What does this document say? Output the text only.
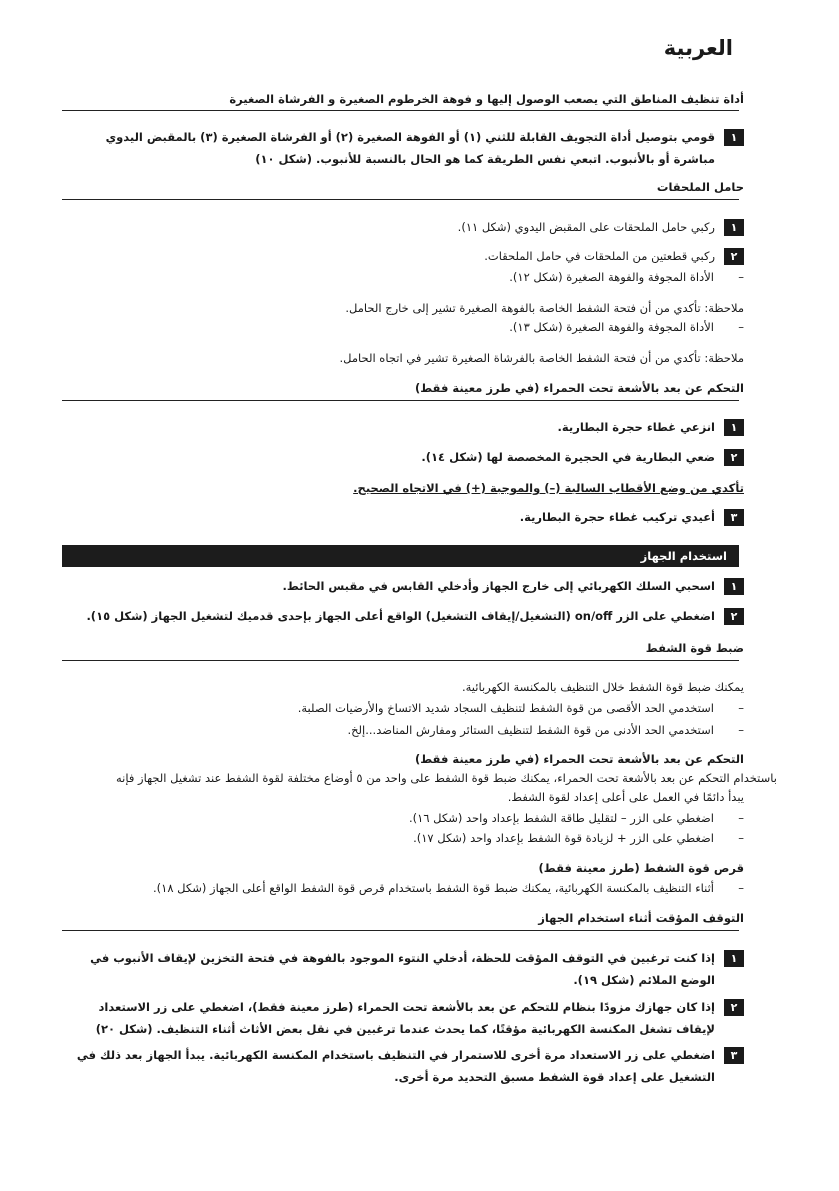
العربية
أداة تنظيف المناطق التي يصعب الوصول إليها و فوهة الخرطوم الصغيرة و الفرشاة الصغيرة
١
قومي بتوصيل أداة التجويف القابلة للثني (١) أو الفوهة الصغيرة (٢) أو الفرشاة الصغيرة (٣) بالمقبض اليدوي مباشرة أو بالأنبوب. اتبعي نفس الطريقة كما هو الحال بالنسبة للأنبوب. (شكل ١٠)
حامل الملحقات
١
ركبي حامل الملحقات على المقبض اليدوي (شكل ١١).
٢
ركبي قطعتين من الملحقات في حامل الملحقات.
–الأداة المجوفة والفوهة الصغيرة (شكل ١٢).
ملاحظة: تأكدي من أن فتحة الشفط الخاصة بالفوهة الصغيرة تشير إلى خارج الحامل.
–الأداة المجوفة والفوهة الصغيرة (شكل ١٣).
ملاحظة: تأكدي من أن فتحة الشفط الخاصة بالفرشاة الصغيرة تشير في اتجاه الحامل.
التحكم عن بعد بالأشعة تحت الحمراء (في طرز معينة فقط)
١
انزعي غطاء حجرة البطارية.
٢
ضعي البطارية في الحجيرة المخصصة لها (شكل ١٤).
تأكدي من وضع الأقطاب السالبة (–) والموجبة (+) في الاتجاه الصحيح.
٣
أعيدي تركيب غطاء حجرة البطارية.
استخدام الجهاز
١
اسحبي السلك الكهربائي إلى خارج الجهاز وأدخلي القابس في مقبس الحائط.
٢
اضغطي على الزر on/off (التشغيل/إيقاف التشغيل) الواقع أعلى الجهاز بإحدى قدميك لتشغيل الجهاز (شكل ١٥).
ضبط قوة الشفط
يمكنك ضبط قوة الشفط خلال التنظيف بالمكنسة الكهربائية.
–استخدمي الحد الأقصى من قوة الشفط لتنظيف السجاد شديد الاتساخ والأرضيات الصلبة.
–استخدمي الحد الأدنى من قوة الشفط لتنظيف الستائر ومفارش المناضد...إلخ.
التحكم عن بعد بالأشعة تحت الحمراء (في طرز معينة فقط)
باستخدام التحكم عن بعد بالأشعة تحت الحمراء، يمكنك ضبط قوة الشفط على واحد من ٥ أوضاع مختلفة لقوة الشفط عند تشغيل الجهاز فإنه
يبدأ دائمًا في العمل على أعلى إعداد لقوة الشفط.
–اضغطي على الزر – لتقليل طاقة الشفط بإعداد واحد (شكل ١٦).
–اضغطي على الزر + لزيادة قوة الشفط بإعداد واحد (شكل ١٧).
قرص قوة الشفط (طرز معينة فقط)
–أثناء التنظيف بالمكنسة الكهربائية، يمكنك ضبط قوة الشفط باستخدام قرص قوة الشفط الواقع أعلى الجهاز (شكل ١٨).
التوقف المؤقت أثناء استخدام الجهاز
١
إذا كنت ترغبين في التوقف المؤقت للحظة، أدخلي النتوء الموجود بالفوهة في فتحة التخزين لإيقاف الأنبوب في الوضع الملائم (شكل ١٩).
٢
إذا كان جهازك مزودًا بنظام للتحكم عن بعد بالأشعة تحت الحمراء (طرز معينة فقط)، اضغطي على زر الاستعداد لإيقاف تشغل المكنسة الكهربائية مؤقتًا، كما يحدث عندما ترغبين في نقل بعض الأثاث أثناء التنظيف. (شكل ٢٠)
٣
اضغطي على زر الاستعداد مرة أخرى للاستمرار في التنظيف باستخدام المكنسة الكهربائية. يبدأ الجهاز بعد ذلك في التشغيل على إعداد قوة الشفط مسبق التحديد مرة أخرى.
